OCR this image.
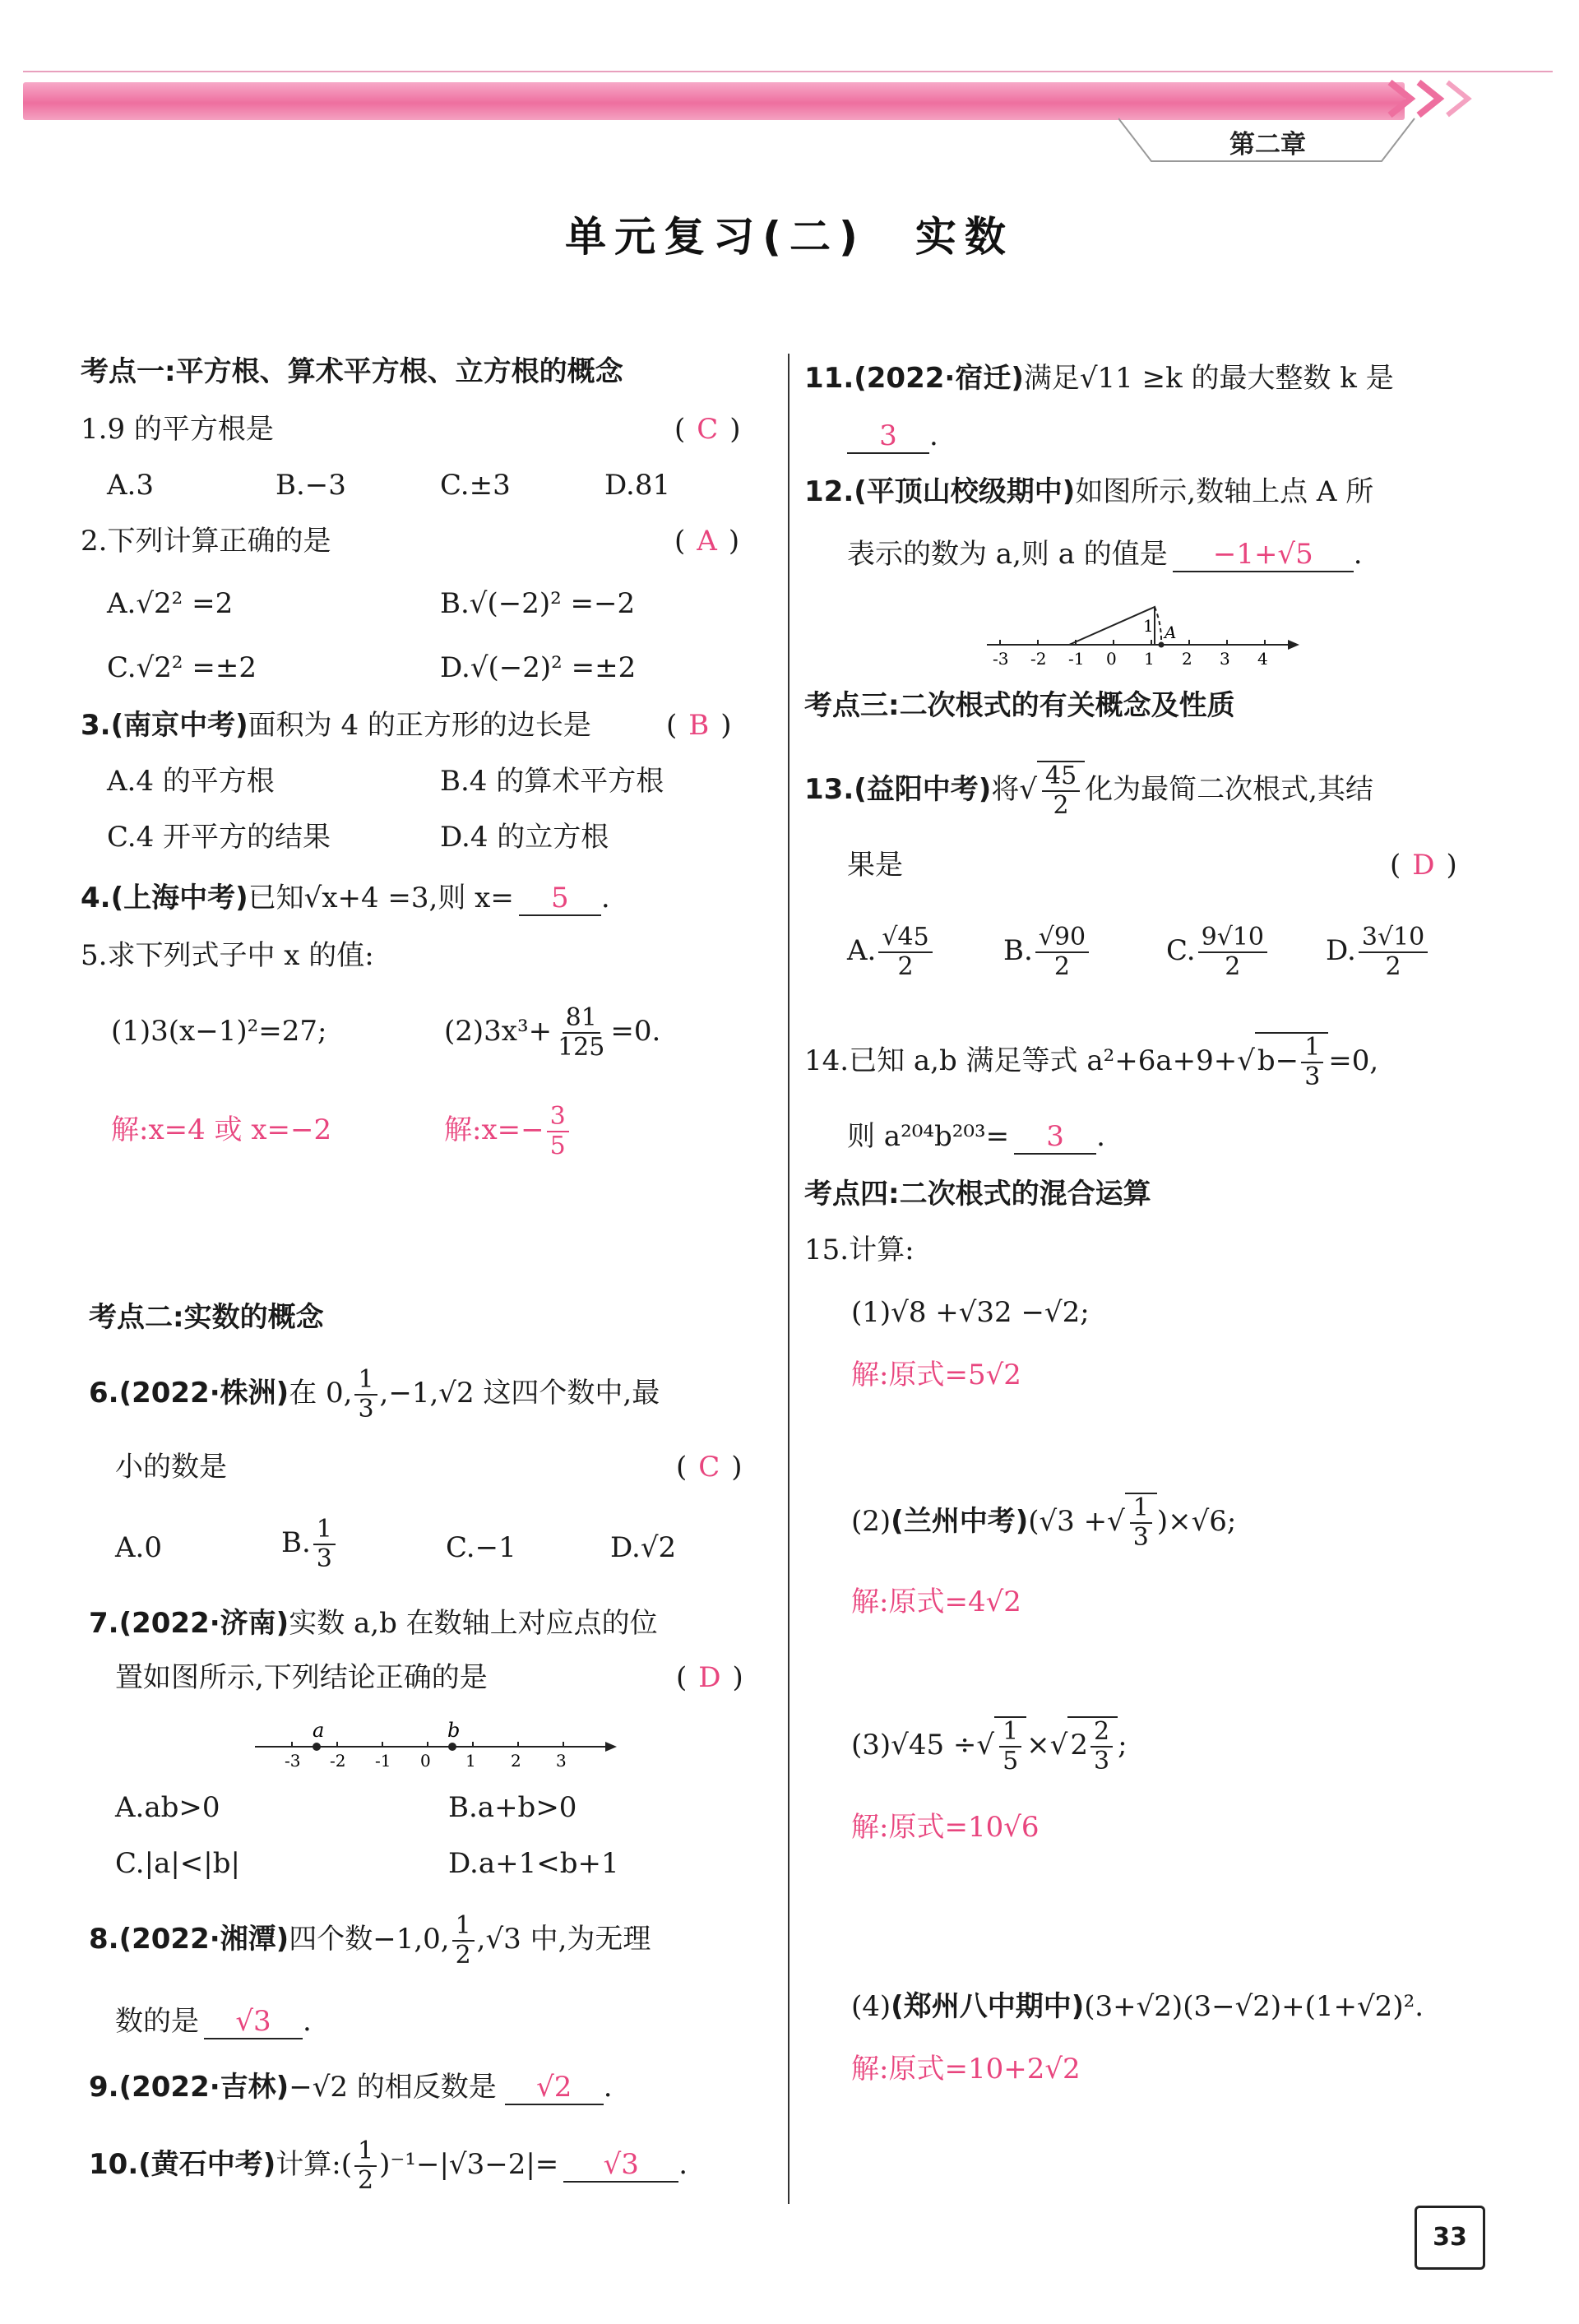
第二章
单元复习(二)　实数
考点一:平方根、算术平方根、立方根的概念
1.9 的平方根是	( C )
A.3	B.−3	C.±3	D.81
2.下列计算正确的是	( A )
A.√2² =2	B.√(−2)² =−2
C.√2² =±2	D.√(−2)² =±2
3.(南京中考)面积为 4 的正方形的边长是	( B )
A.4 的平方根	B.4 的算术平方根
C.4 开平方的结果	D.4 的立方根
4.(上海中考)已知√x+4 =3,则 x= 5 .
5.求下列式子中 x 的值:
(1)3(x−1)²=27;	$(2)3x^3+ \frac{81}{125} =0$.
解:x=4 或 x=−2	解:x=− $\frac{3}{5}$
考点二:实数的概念
6.(2022·株洲)在 0, $\frac{1}{3} ,-1,√2$ 这四个数中,最
小的数是	( C )
A.0	B. $\frac{1}{3}$	C.−1	D.√2
7.(2022·济南)实数 a,b 在数轴上对应点的位
置如图所示,下列结论正确的是	( D )
-3 -2 -1 0 1 2 3
a	b
A.ab>0	B.a+b>0
C.|a|<|b|	D.a+1<b+1
8.(2022·湘潭)四个数−1,0, $\frac{1}{2} ,√3$ 中,为无理
数的是 √3 .
9.(2022·吉林)−√2 的相反数是 √2 .
10.(黄石中考)计算:( $\frac{1}{2} )^{-1}-|√3-2|= √3$ .
11.(2022·宿迁)满足√11 ≥k 的最大整数 k 是
3 .
12.(平顶山校级期中)如图所示,数轴上点 A 所
表示的数为 a,则 a 的值是 −1+√5 .
-3 -2 -1 0 1 2 3 4
1 A
考点三:二次根式的有关概念及性质
13.(益阳中考)将√ $\frac{45}{2}$ 化为最简二次根式,其结
果是	( D )
A. $\frac{√45}{2}$	B. $\frac{√90}{2}$	C. $\frac{9√10}{2} D$. $\frac{3√10}{2}$
14.已知 a,b 满足等式 $a^2+6a+9+√b- \frac{1}{3} =0$,
则 a²⁰⁴b²⁰³= 3 .
考点四:二次根式的混合运算
15.计算:
(1)√8 +√32 −√2;
解:原式=5√2
(2)(兰州中考)(√3 +√ $\frac{1}{3} )\times√6$;
解:原式=4√2
(3)√45 ÷√ $\frac{1}{5} \times√2 \frac{2}{3}$ ;
解:原式=10√6
(4)(郑州八中期中)(3+√2)(3−√2)+(1+√2)².
解:原式=10+2√2
33
